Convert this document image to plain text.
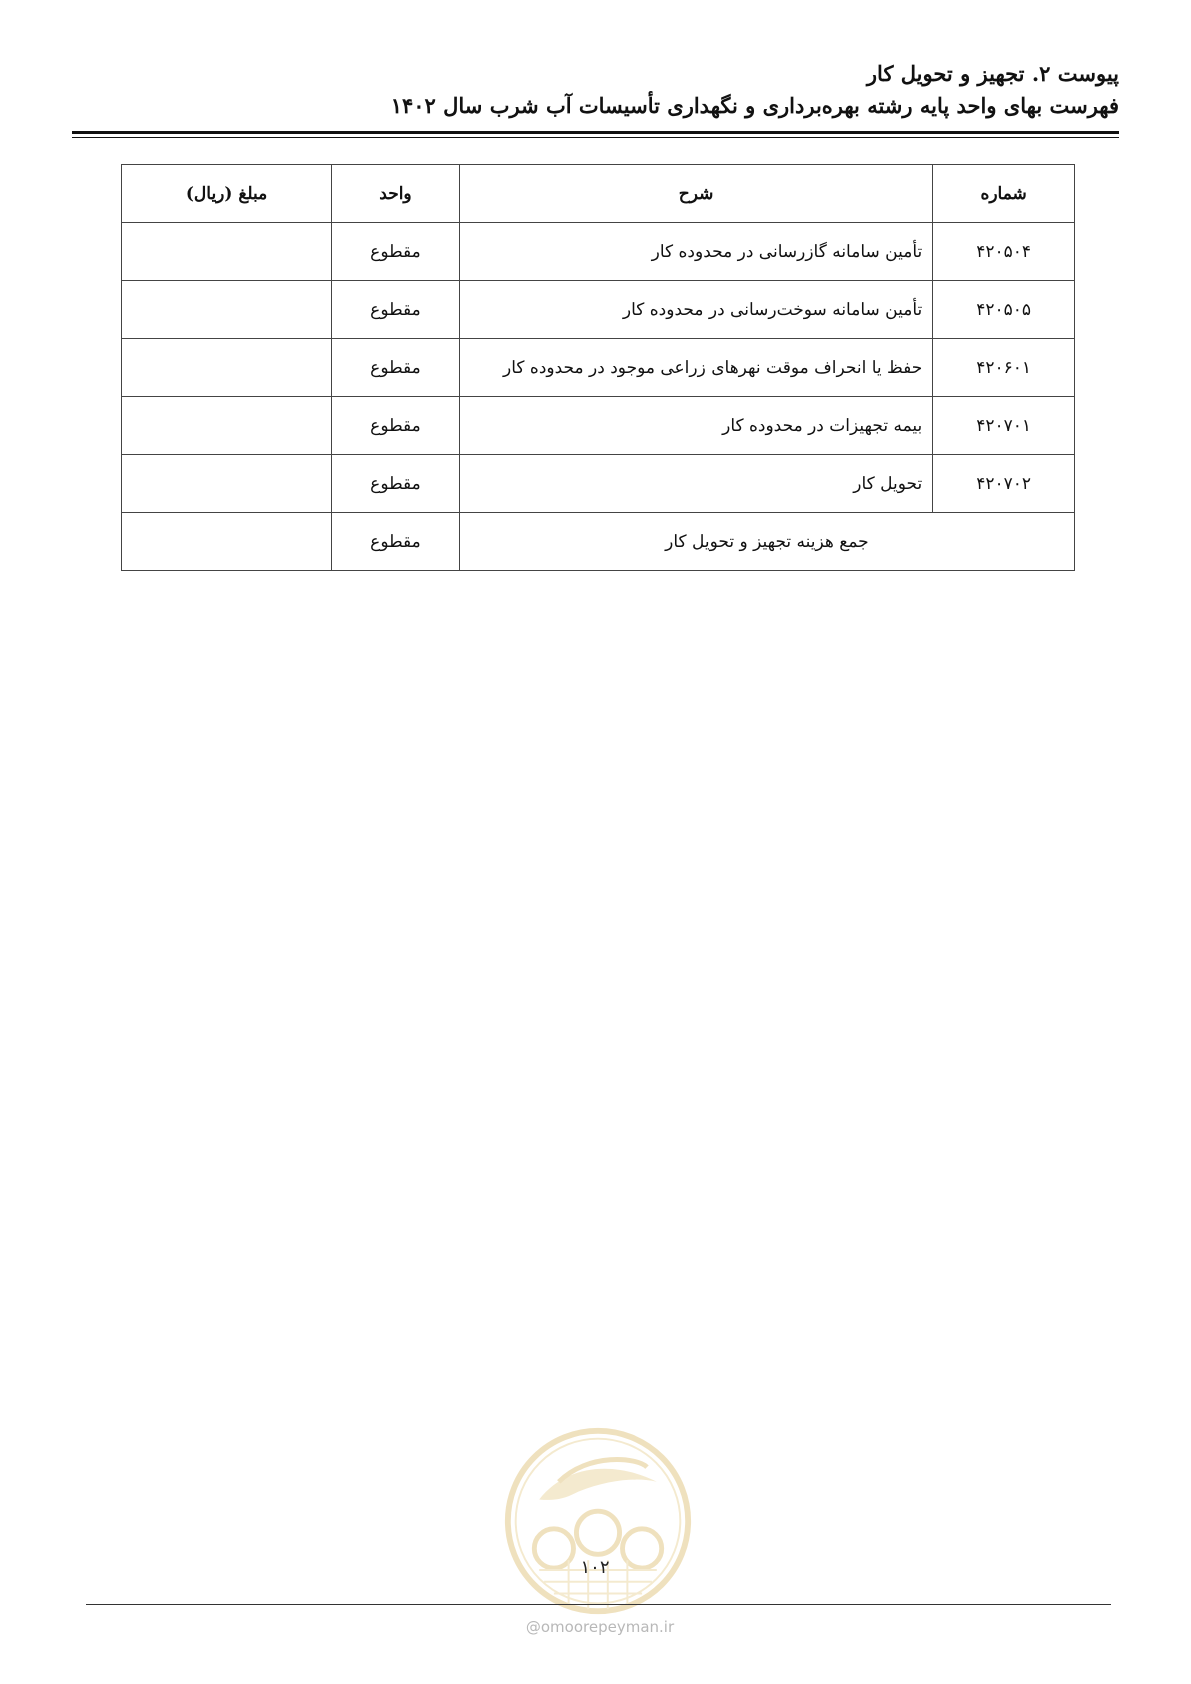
پیوست ۲. تجهیز و تحویل کار
فهرست بهای واحد پایه رشته بهره‌برداری و نگهداری تأسیسات آب شرب سال ۱۴۰۲
شماره	شرح	واحد	مبلغ (ریال)
۴۲۰۵۰۴	تأمین سامانه گازرسانی در محدوده کار	مقطوع	
۴۲۰۵۰۵	تأمین سامانه سوخت‌رسانی در محدوده کار	مقطوع	
۴۲۰۶۰۱	حفظ یا انحراف موقت نهرهای زراعی موجود در محدوده کار	مقطوع	
۴۲۰۷۰۱	بیمه تجهیزات در محدوده کار	مقطوع	
۴۲۰۷۰۲	تحویل کار	مقطوع	
جمع هزینه تجهیز و تحویل کار		مقطوع	
۱۰۲
@omoorepeyman.ir
